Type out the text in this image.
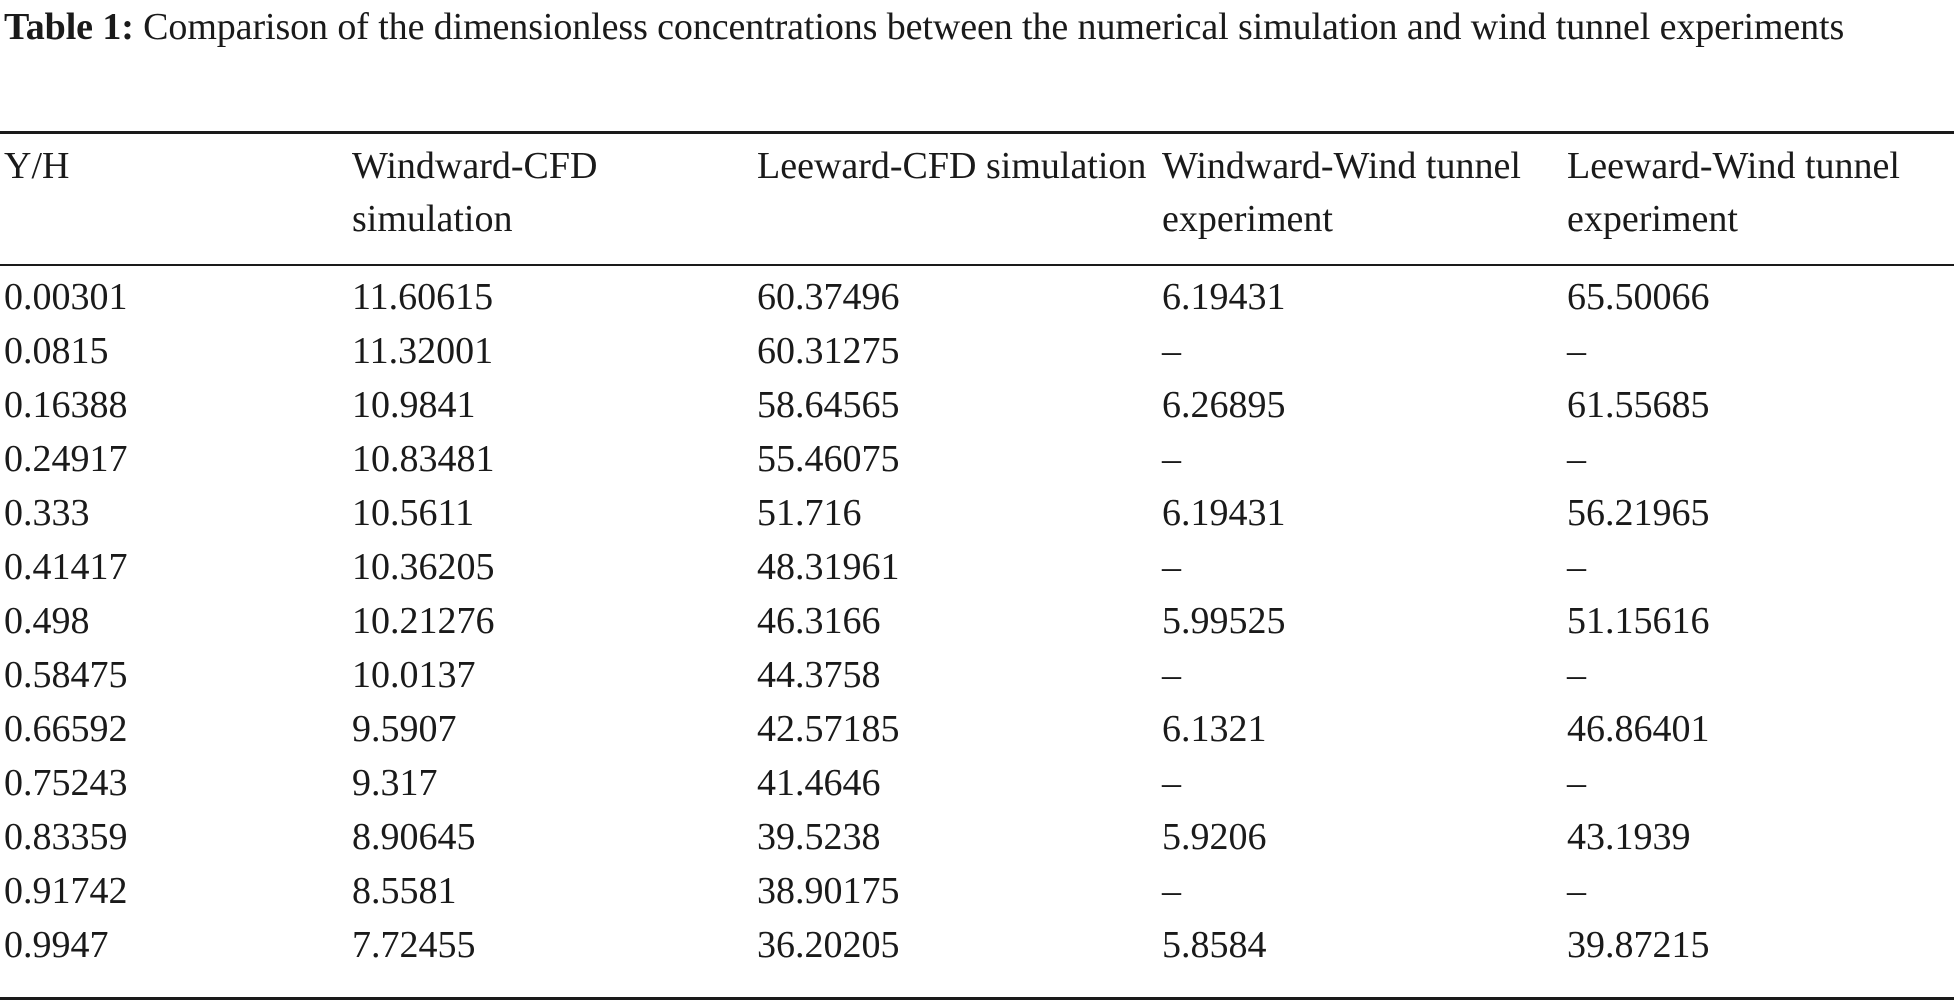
Table 1: Comparison of the dimensionless concentrations between the numerical simulation and wind tunnel experiments
Y/H	Windward-CFD simulation	Leeward-CFD simulation	Windward-Wind tunnel experiment	Leeward-Wind tunnel experiment
0.00301	11.60615	60.37496	6.19431	65.50066
0.0815	11.32001	60.31275	–	–
0.16388	10.9841	58.64565	6.26895	61.55685
0.24917	10.83481	55.46075	–	–
0.333	10.5611	51.716	6.19431	56.21965
0.41417	10.36205	48.31961	–	–
0.498	10.21276	46.3166	5.99525	51.15616
0.58475	10.0137	44.3758	–	–
0.66592	9.5907	42.57185	6.1321	46.86401
0.75243	9.317	41.4646	–	–
0.83359	8.90645	39.5238	5.9206	43.1939
0.91742	8.5581	38.90175	–	–
0.9947	7.72455	36.20205	5.8584	39.87215
